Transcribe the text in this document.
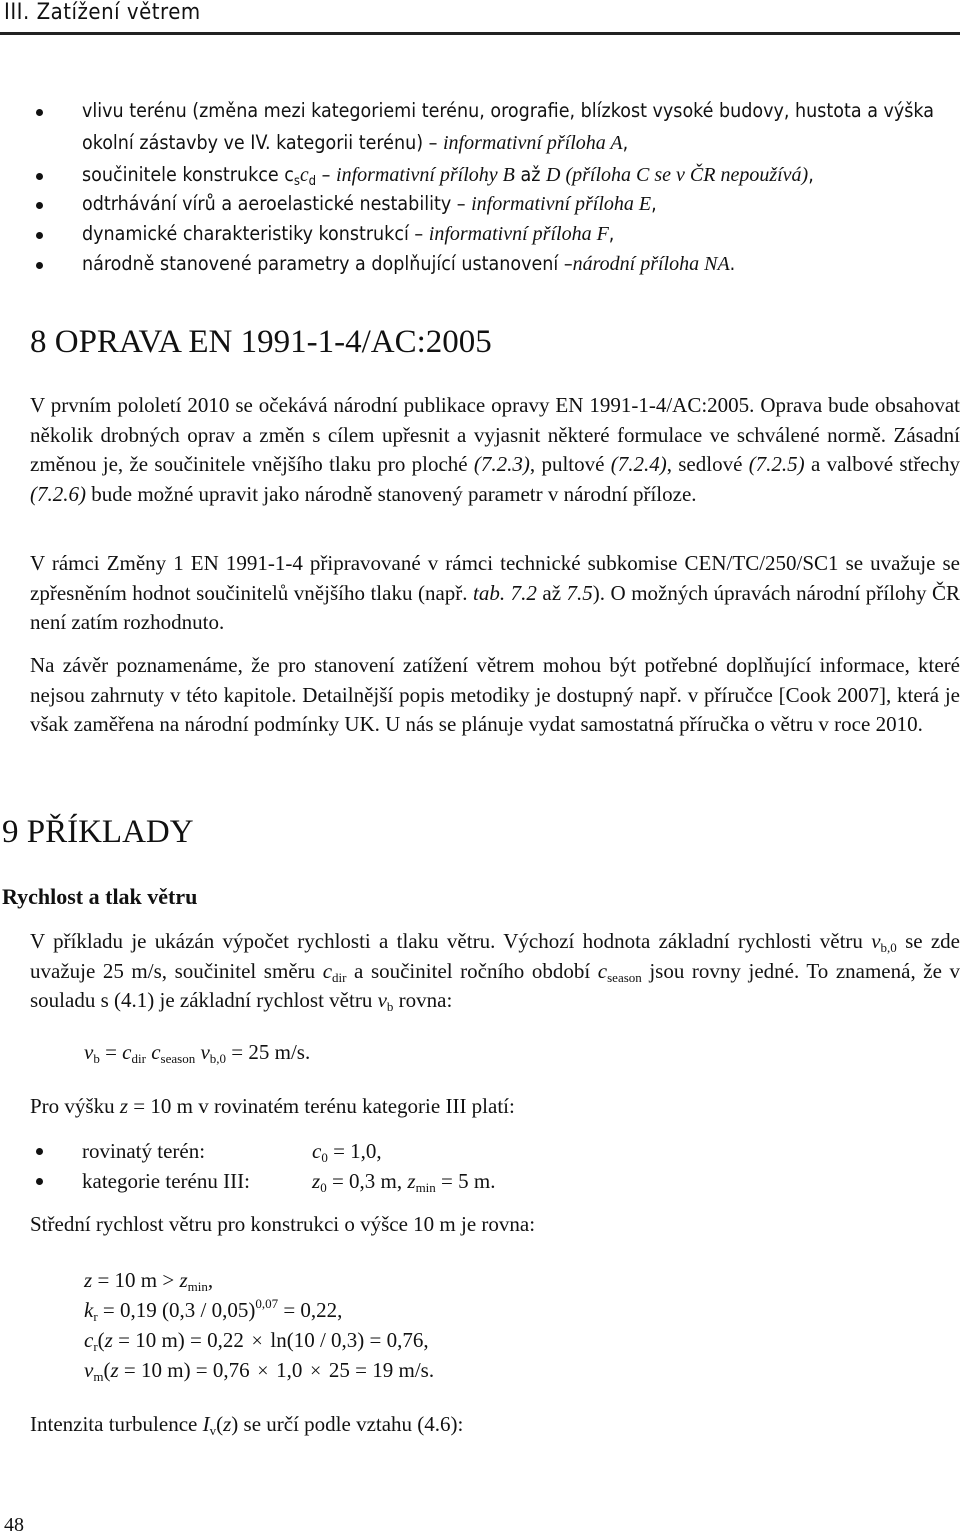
III. Zatížení větrem
vlivu terénu (změna mezi kategoriemi terénu, orografie, blízkost vysoké budovy, hustota a výška okolní zástavby ve IV. kategorii terénu) – informativní příloha A,
součinitele konstrukce $c_sc_d$ – informativní přílohy B až D (příloha C se v ČR nepoužívá),
odtrhávání vírů a aeroelastické nestability – informativní příloha E,
dynamické charakteristiky konstrukcí – informativní příloha F,
národně stanovené parametry a doplňující ustanovení –národní příloha NA.
8 OPRAVA EN 1991-1-4/AC:2005
V prvním pololetí 2010 se očekává národní publikace opravy EN 1991-1-4/AC:2005. Oprava bude obsahovat několik drobných oprav a změn s cílem upřesnit a vyjasnit některé formulace ve schválené normě. Zásadní změnou je, že součinitele vnějšího tlaku pro ploché (7.2.3), pultové (7.2.4), sedlové (7.2.5) a valbové střechy (7.2.6) bude možné upravit jako národně stanovený parametr v národní příloze.
V rámci Změny 1 EN 1991-1-4 připravované v rámci technické subkomise CEN/TC/250/SC1 se uvažuje se zpřesněním hodnot součinitelů vnějšího tlaku (např. tab. 7.2 až 7.5). O možných úpravách národní přílohy ČR není zatím rozhodnuto.
Na závěr poznamenáme, že pro stanovení zatížení větrem mohou být potřebné doplňující informace, které nejsou zahrnuty v této kapitole. Detailnější popis metodiky je dostupný např. v příručce [Cook 2007], která je však zaměřena na národní podmínky UK. U nás se plánuje vydat samostatná příručka o větru v roce 2010.
9 PŘÍKLADY
Rychlost a tlak větru
V příkladu je ukázán výpočet rychlosti a tlaku větru. Výchozí hodnota základní rychlosti větru $v_{b,0}$ se zde uvažuje 25 m/s, součinitel směru $c_{dir}$ a součinitel ročního období $c_{season}$ jsou rovny jedné. To znamená, že v souladu s (4.1) je základní rychlost větru $v_b$ rovna:
$v_b = c_{dir}$ $c_{season}$ $v_{b,0} = 25$ m/s.
Pro výšku z = 10 m v rovinatém terénu kategorie III platí:
rovinatý terén:	$c_0 = 1,0$,
kategorie terénu III:	$z_0 = 0,3$ m, $z_{min} = 5$ m.
Střední rychlost větru pro konstrukci o výšce 10 m je rovna:
z = 10 $m > z_{min}$,
$k_r = 0,19$ (0,3 / 0,05)$^{0,07}$ = 0,22,
$c_r(z = 10$ m) = 0,22 × ln(10 / 0,3) = 0,76,
$v_m(z = 10$ m) = 0,76 × 1,0 × 25 = 19 m/s.
Intenzita turbulence $I_v(z)$ se určí podle vztahu (4.6):
48
